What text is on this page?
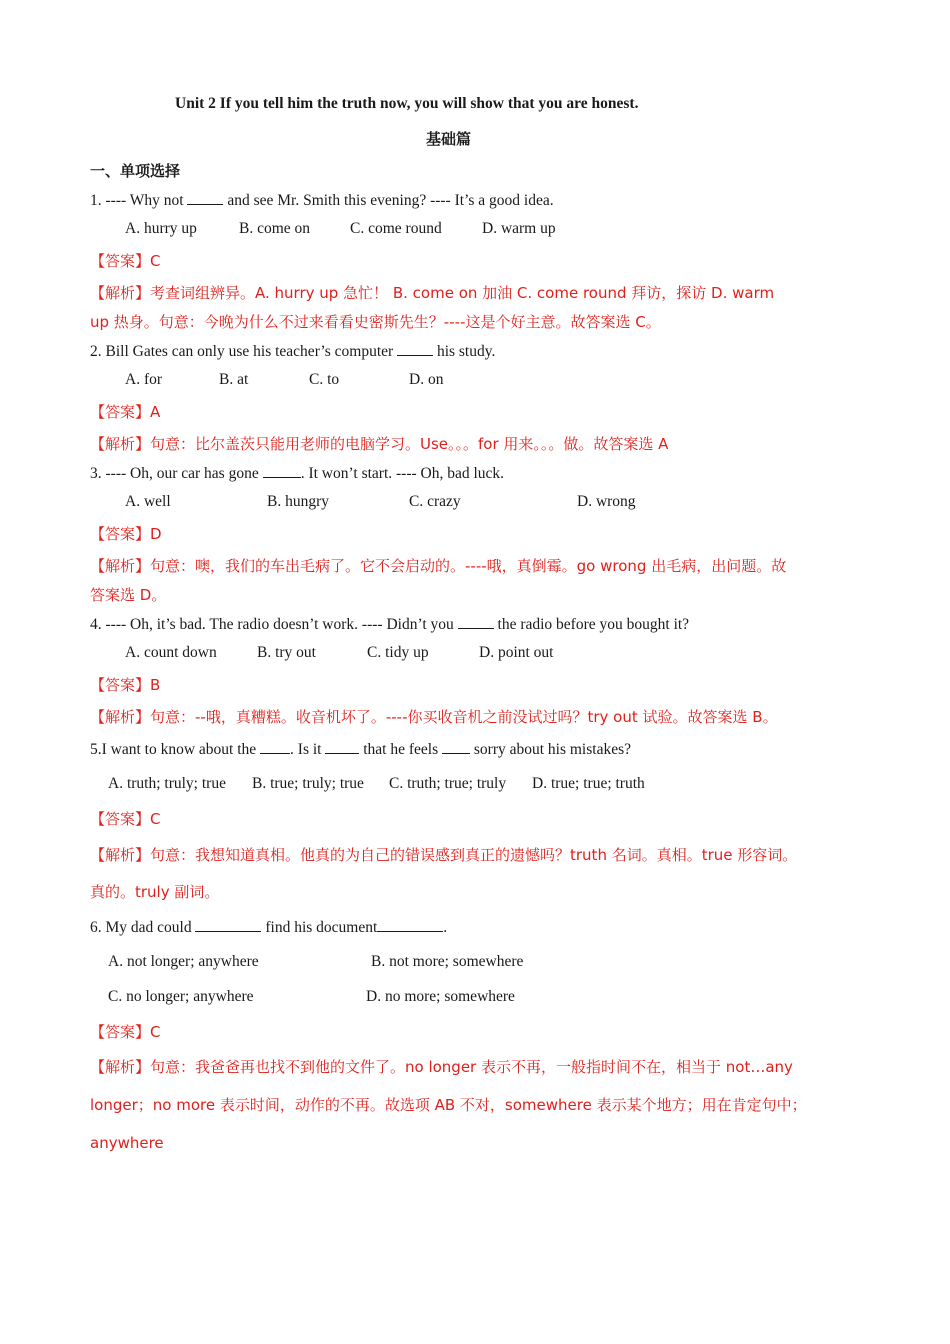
Unit 2 If you tell him the truth now, you will show that you are honest.
基础篇
一、单项选择
1. ---- Why not	and see Mr. Smith this evening? ---- It’s a good idea.
A. hurry up	B. come on	C. come round	D. warm up
【答案】C
【解析】考查词组辨异。A. hurry up 急忙！ B. come on 加油 C. come round 拜访，探访 D. warm
up 热身。句意：今晚为什么不过来看看史密斯先生？----这是个好主意。故答案选 C。
2. Bill Gates can only use his teacher’s computer	his study.
A. for	B. at	C. to	D. on
【答案】A
【解析】句意：比尔盖茨只能用老师的电脑学习。Use。。。for 用来。。。做。故答案选 A
3. ---- Oh, our car has gone	. It won’t start. ---- Oh, bad luck.
A. well	B. hungry	C. crazy	D. wrong
【答案】D
【解析】句意：噢，我们的车出毛病了。它不会启动的。----哦，真倒霉。go wrong 出毛病，出问题。故
答案选 D。
4. ---- Oh, it’s bad. The radio doesn’t work. ---- Didn’t you	the radio before you bought it?
A. count down	B. try out	C. tidy up	D. point out
【答案】B
【解析】句意：--哦，真糟糕。收音机坏了。----你买收音机之前没试过吗？try out 试验。故答案选 B。
5.I want to know about the . Is it	that he feels sorry about his mistakes?
A. truth; truly; true B. true; truly; true C. truth; true; truly D. true; true; truth
【答案】C
【解析】句意：我想知道真相。他真的为自己的错误感到真正的遗憾吗？truth 名词。真相。true 形容词。
真的。truly 副词。
6. My dad could	find his document	.
A. not longer; anywhere	B. not more; somewhere
C. no longer; anywhere	D. no more; somewhere
【答案】C
【解析】句意：我爸爸再也找不到他的文件了。no longer 表示不再，一般指时间不在，相当于 not…any
longer；no more 表示时间，动作的不再。故选项 AB 不对，somewhere 表示某个地方；用在肯定句中；
anywhere
